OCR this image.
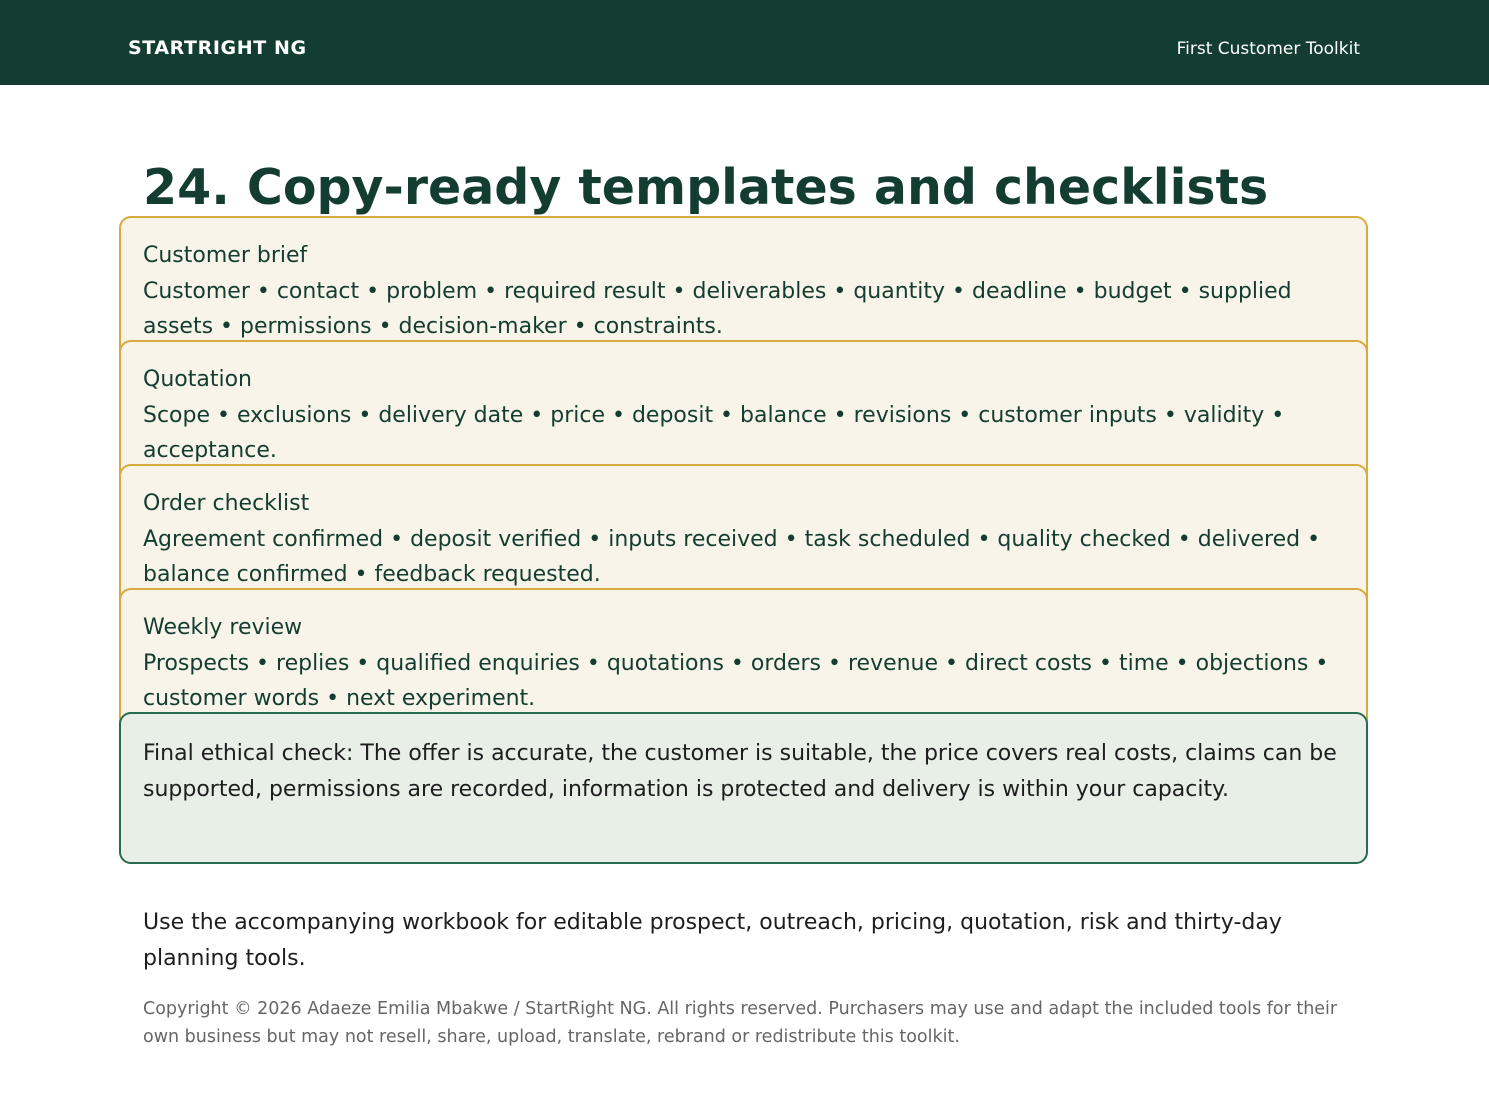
STARTRIGHT NG	First Customer Toolkit
24. Copy-ready templates and checklists
Customer brief
Customer • contact • problem • required result • deliverables • quantity • deadline • budget • supplied assets • permissions • decision-maker • constraints.
Quotation
Scope • exclusions • delivery date • price • deposit • balance • revisions • customer inputs • validity • acceptance.
Order checklist
Agreement confirmed • deposit verified • inputs received • task scheduled • quality checked • delivered • balance confirmed • feedback requested.
Weekly review
Prospects • replies • qualified enquiries • quotations • orders • revenue • direct costs • time • objections • customer words • next experiment.
Final ethical check: The offer is accurate, the customer is suitable, the price covers real costs, claims can be supported, permissions are recorded, information is protected and delivery is within your capacity.

Use the accompanying workbook for editable prospect, outreach, pricing, quotation, risk and thirty-day planning tools.

Copyright © 2026 Adaeze Emilia Mbakwe / StartRight NG. All rights reserved. Purchasers may use and adapt the included tools for their own business but may not resell, share, upload, translate, rebrand or redistribute this toolkit.
